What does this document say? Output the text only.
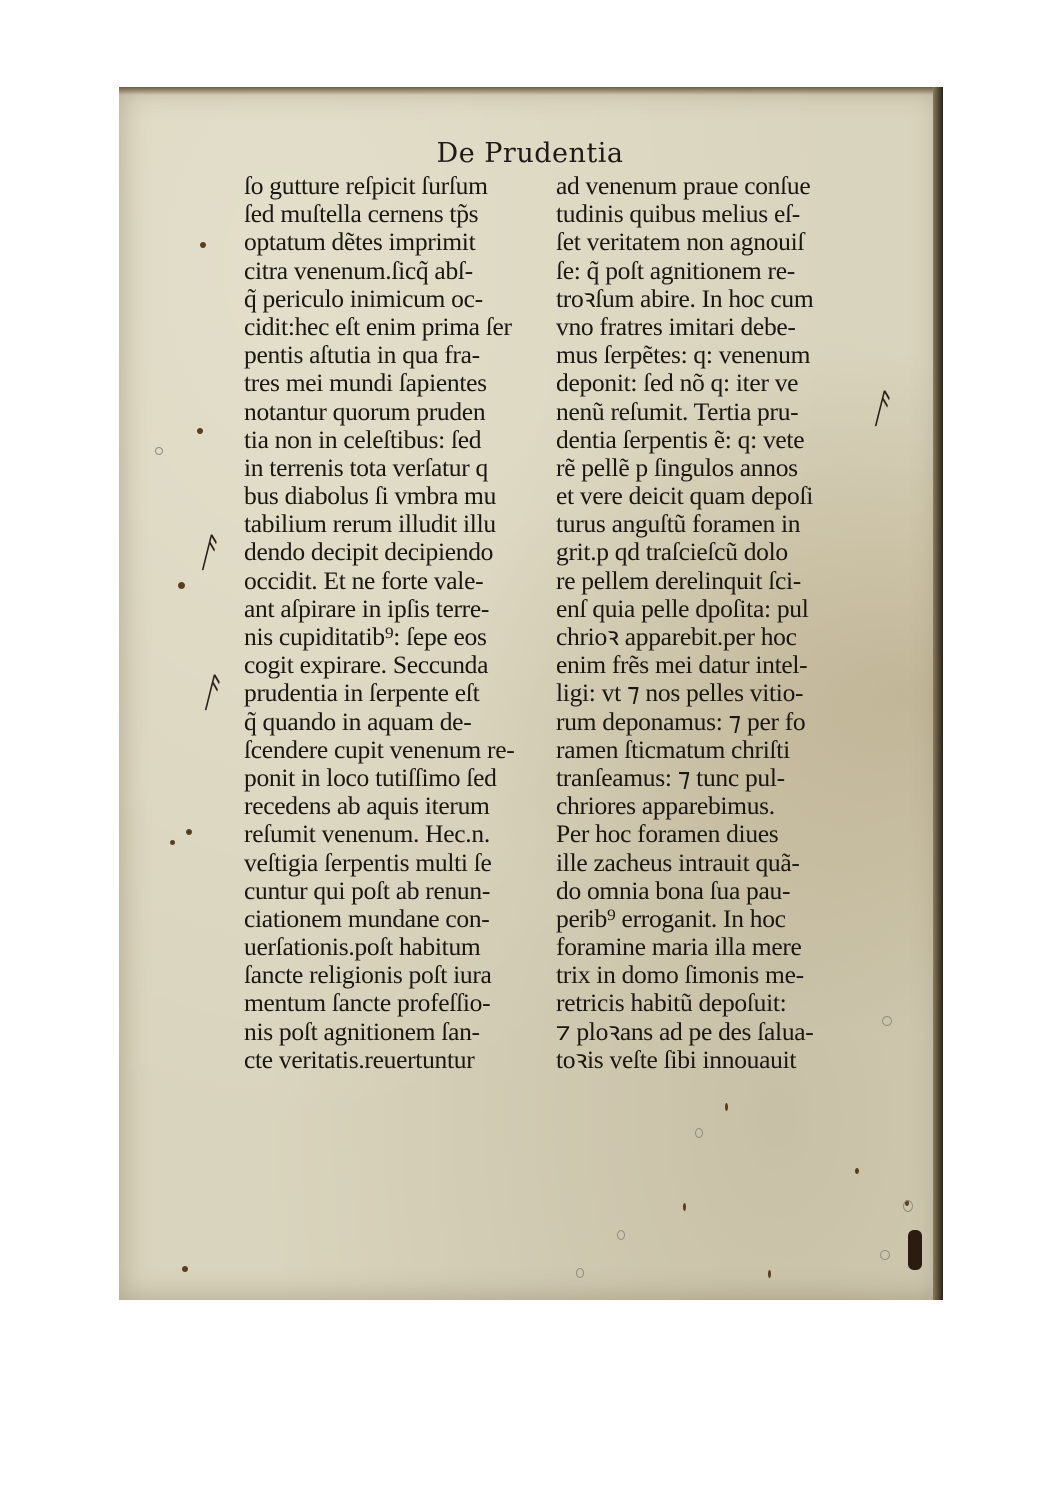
De Prudentia
ſo gutture reſpicit ſurſum
ſed muſtella cernens tp̃s
optatum dẽtes imprimit
citra venenum.ſicq̃ abſ-
q̃ periculo inimicum oc-
cidit:hec eſt enim prima ſer
pentis aſtutia in qua fra-
tres mei mundi ſapientes
notantur quorum pruden
tia non in celeſtibus: ſed
in terrenis tota verſatur q
bus diabolus ſi vmbra mu
tabilium rerum illudit illu
dendo decipit decipiendo
occidit. Et ne forte vale-
ant aſpirare in ipſis terre-
nis cupiditatib⁹: ſepe eos
cogit expirare. Seccunda
prudentia in ſerpente eſt
q̃ quando in aquam de-
ſcendere cupit venenum re-
ponit in loco tutiſſimo ſed
recedens ab aquis iterum
reſumit venenum. Hec.n.
veſtigia ſerpentis multi ſe
cuntur qui poſt ab renun-
ciationem mundane con-
uerſationis.poſt habitum
ſancte religionis poſt iura
mentum ſancte profeſſio-
nis poſt agnitionem ſan-
cte veritatis.reuertuntur
ad venenum praue conſue
tudinis quibus melius eſ-
ſet veritatem non agnouiſ
ſe: q̃ poſt agnitionem re-
troꝛſum abire. In hoc cum
vno fratres imitari debe-
mus ſerpẽtes: q: venenum
deponit: ſed nõ q: iter ve
nenũ reſumit. Tertia pru-
dentia ſerpentis ẽ: q: vete
rẽ pellẽ p ſingulos annos
et vere deicit quam depoſi
turus anguſtũ foramen in
grit.p qd traſcieſcũ dolo
re pellem derelinquit ſci-
enſ quia pelle dpoſita: pul
chrioꝛ apparebit.per hoc
enim frẽs mei datur intel-
ligi: vt ⁊ nos pelles vitio-
rum deponamus: ⁊ per fo
ramen ſticmatum chriſti
tranſeamus: ⁊ tunc pul-
chriores apparebimus.
Per hoc foramen diues
ille zacheus intrauit quã-
do omnia bona ſua pau-
perib⁹ erroganit. In hoc
foramine maria illa mere
trix in domo ſimonis me-
retricis habitũ depoſuit:
⁊ ploꝛans ad pe des ſalua-
toꝛis veſte ſibi innouauit
ᚨ
ᚨ
ᚨ
